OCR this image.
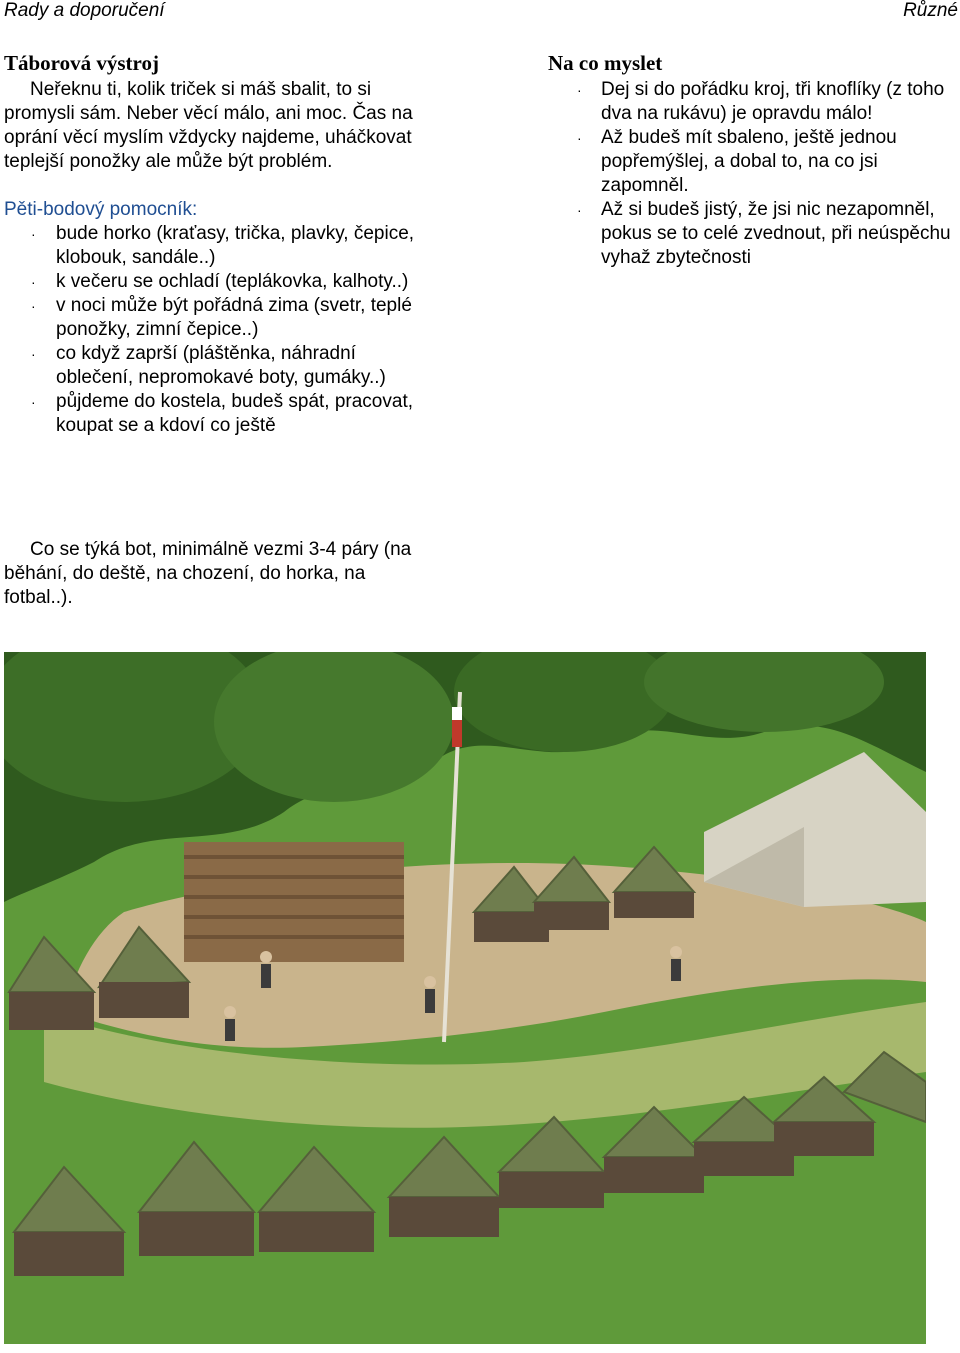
Rady a doporučení	Různé
Táborová výstroj

Neřeknu ti, kolik triček si máš sbalit, to si promysli sám. Neber věcí málo, ani moc. Čas na oprání věcí myslím vždycky najdeme, uháčkovat teplejší ponožky ale může být problém.

Pěti-bodový pomocník:

· bude horko (kraťasy, trička, plavky, čepice, klobouk, sandále..)
· k večeru se ochladí (teplákovka, kalhoty..)
· v noci může být pořádná zima (svetr, teplé ponožky, zimní čepice..)
· co když zaprší (pláštěnka, náhradní oblečení, nepromokavé boty, gumáky..)
· půjdeme do kostela, budeš spát, pracovat, koupat se a kdoví co ještě
Na co myslet
· Dej si do pořádku kroj, tři knoflíky (z toho dva na rukávu) je opravdu málo!
· Až budeš mít sbaleno, ještě jednou popřemýšlej, a dobal to, na co jsi zapomněl.
· Až si budeš jistý, že jsi nic nezapomněl, pokus se to celé zvednout, při neúspěchu vyhaž zbytečnosti

Co se týká bot, minimálně vezmi 3-4 páry (na běhání, do deště, na chození, do horka, na fotbal..).
